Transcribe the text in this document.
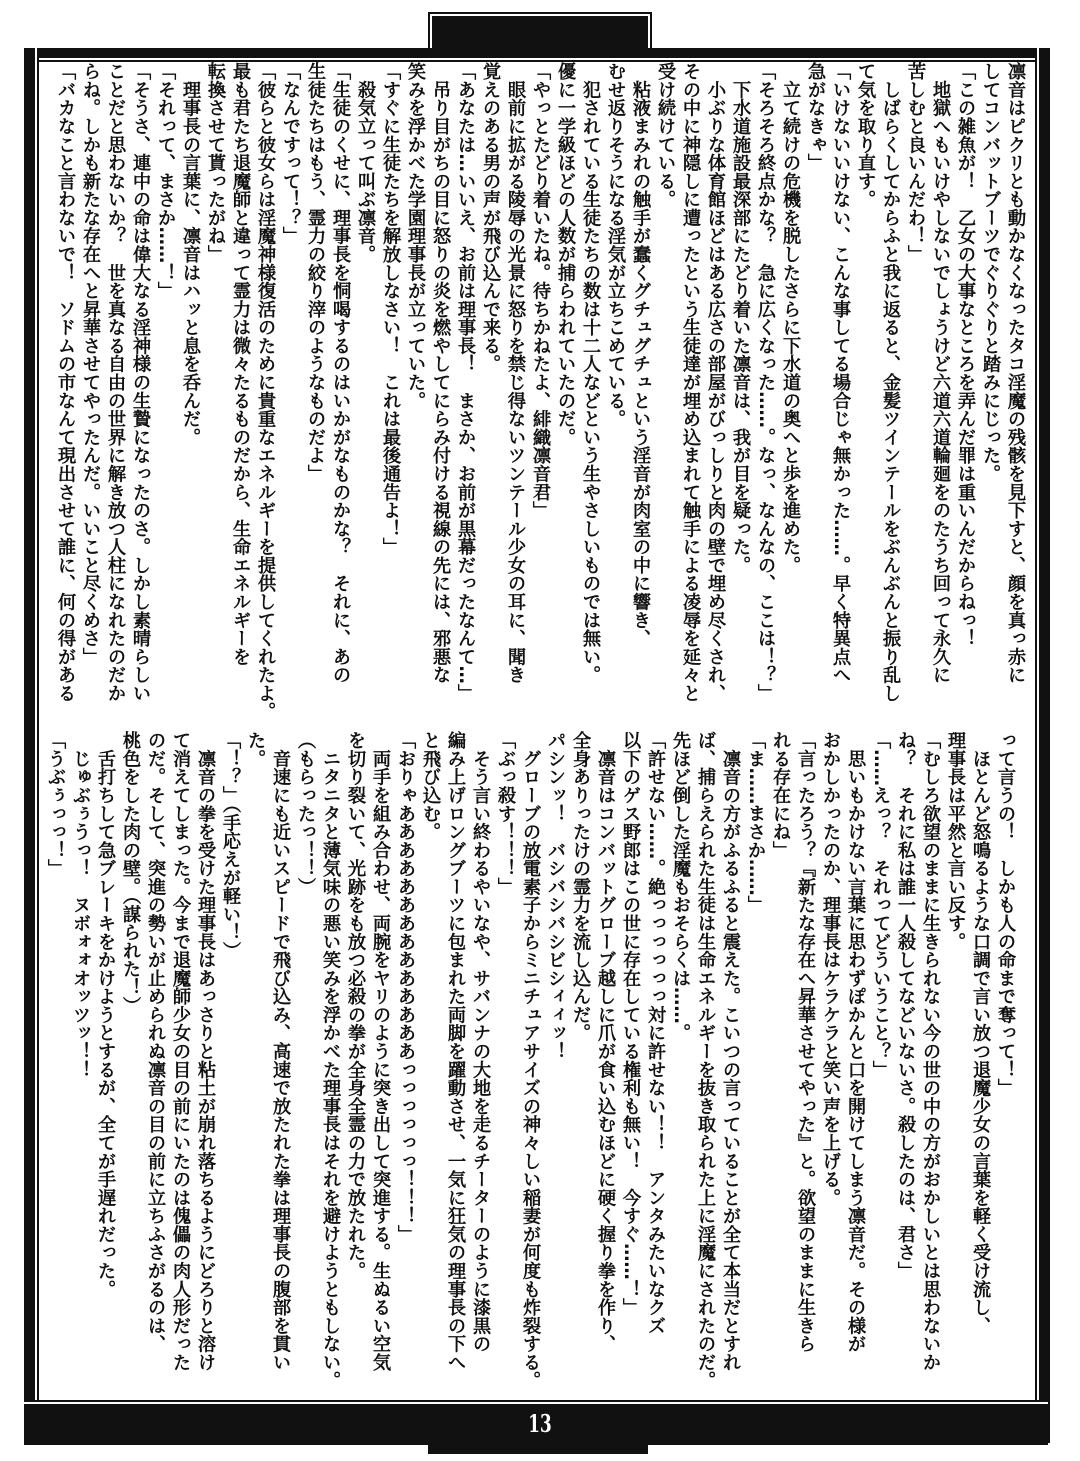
13
凛音はピクリとも動かなくなったタコ淫魔の残骸を見下すと、顔を真っ赤に
してコンバットブーツでぐりぐりと踏みにじった。
「この雑魚が！　乙女の大事なところを弄んだ罪は重いんだからねっ！
　地獄へもいけやしないでしょうけど六道六道輪廻をのたうち回って永久に
苦しむと良いんだわ！」
　しばらくしてからふと我に返ると、金髪ツインテールをぶんぶんと振り乱し
て気を取り直す。
「いけないいけない、こんな事してる場合じゃ無かった……。早く特異点へ
急がなきゃ」
　立て続けの危機を脱したさらに下水道の奥へと歩を進めた。
「そろそろ終点かな？　急に広くなった……。なっ、なんなの、ここは！？」
　下水道施設最深部にたどり着いた凛音は、我が目を疑った。
　小ぶりな体育館ほどはある広さの部屋がびっしりと肉の壁で埋め尽くされ、
その中に神隠しに遭ったという生徒達が埋め込まれて触手による凌辱を延々と
受け続けている。
　粘液まみれの触手が蠢くグチュグチュという淫音が肉室の中に響き、
むせ返りそうになる淫気が立ちこめている。
　犯されている生徒たちの数は十二人などという生やさしいものでは無い。
優に一学級ほどの人数が捕らわれていたのだ。
「やっとたどり着いたね。待ちかねたよ、緋織凛音君」
　眼前に拡がる陵辱の光景に怒りを禁じ得ないツンテール少女の耳に、聞き
覚えのある男の声が飛び込んで来る。
「あなたは…いいえ、お前は理事長！　まさか、お前が黒幕だったなんて…」
　吊り目がちの目に怒りの炎を燃やしてにらみ付ける視線の先には、邪悪な
笑みを浮かべた学園理事長が立っていた。
「すぐに生徒たちを解放しなさい！　これは最後通告よ！」
　殺気立って叫ぶ凛音。
「生徒のくせに、理事長を恫喝するのはいかがなものかな？　それに、あの
生徒たちはもう、霊力の絞り滓のようなものだよ」
「なんですって！？」
「彼らと彼女らは淫魔神様復活のために貴重なエネルギーを提供してくれたよ。
最も君たち退魔師と違って霊力は微々たるものだから、生命エネルギーを
転換させて貰ったがね」
　理事長の言葉に、凛音はハッと息を呑んだ。
「それって、まさか……！」
「そうさ、連中の命は偉大なる淫神様の生贄になったのさ。しかし素晴らしい
ことだと思わないか？　世を真なる自由の世界に解き放つ人柱になれたのだか
らね。しかも新たな存在へと昇華させてやったんだ。いいこと尽くめさ」
「バカなこと言わないで！　ソドムの市なんて現出させて誰に、何の得がある
って言うの！　しかも人の命まで奪って！」
　ほとんど怒鳴るような口調で言い放つ退魔少女の言葉を軽く受け流し、
理事長は平然と言い反す。
「むしろ欲望のままに生きられない今の世の中の方がおかしいとは思わないか
ね？　それに私は誰一人殺してなどいないさ。殺したのは、君さ」
「……えっ？　それってどういうこと？」
　思いもかけない言葉に思わずぽかんと口を開けてしまう凛音だ。その様が
おかしかったのか、理事長はケラケラと笑い声を上げる。
「言ったろう？『新たな存在へ昇華させてやった』と。欲望のままに生きら
れる存在にね」
「ま……まさか……」
　凛音の方がふるふると震えた。こいつの言っていることが全て本当だとすれ
ば、捕らえられた生徒は生命エネルギーを抜き取られた上に淫魔にされたのだ。
先ほど倒した淫魔もおそらくは……。
「許せない……。絶っっっっっっ対に許せない！！　アンタみたいなクズ
以下のゲス野郎はこの世に存在している権利も無い！　今すぐ……！」
　凛音はコンバットグローブ越しに爪が食い込むほどに硬く握り拳を作り、
全身ありったけの霊力を流し込んだ。
パシンッ！　バシバシバシビシィィッ！
　グローブの放電素子からミニチュアサイズの神々しい稲妻が何度も炸裂する。
「ぶっ殺す！！！」
　そう言い終わるやいなや、サバンナの大地を走るチーターのように漆黒の
編み上げロングブーツに包まれた両脚を躍動させ、一気に狂気の理事長の下へ
と飛び込む。
「おりゃああああああああああああああっっっっっっ！！！」
　両手を組み合わせ、両腕をヤリのように突き出して突進する。生ぬるい空気
を切り裂いて、光跡をも放つ必殺の拳が全身全霊の力で放たれた。
　ニタニタと薄気味の悪い笑みを浮かべた理事長はそれを避けようともしない。
（もらったっ！！）
　音速にも近いスピードで飛び込み、高速で放たれた拳は理事長の腹部を貫い
た。
「！？」（手応えが軽い！）
　凛音の拳を受けた理事長はあっさりと粘土が崩れ落ちるようにどろりと溶け
て消えてしまった。今まで退魔師少女の目の前にいたのは傀儡の肉人形だった
のだ。そして、突進の勢いが止められぬ凛音の目の前に立ちふさがるのは、
桃色をした肉の壁。（謀られた！）
　舌打ちして急ブレーキをかけようとするが、全てが手遅れだった。
　じゅぶぅうっ！　ヌボォォオッツッ！！
「うぶぅっっ！」
